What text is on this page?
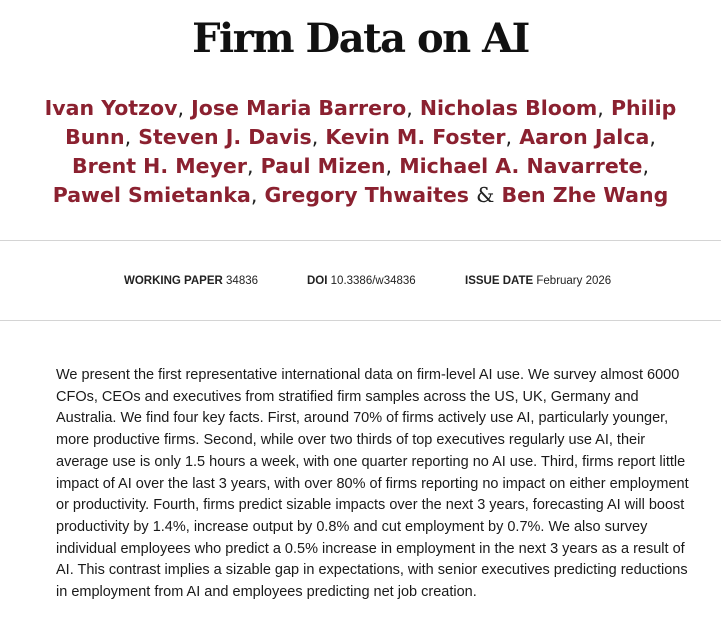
Firm Data on AI

Ivan Yotzov, Jose Maria Barrero, Nicholas Bloom, Philip Bunn, Steven J. Davis, Kevin M. Foster, Aaron Jalca, Brent H. Meyer, Paul Mizen, Michael A. Navarrete, Pawel Smietanka, Gregory Thwaites & Ben Zhe Wang

WORKING PAPER 34836	DOI 10.3386/w34836	ISSUE DATE February 2026

We present the first representative international data on firm-level AI use. We survey almost 6000 CFOs, CEOs and executives from stratified firm samples across the US, UK, Germany and Australia. We find four key facts. First, around 70% of firms actively use AI, particularly younger, more productive firms. Second, while over two thirds of top executives regularly use AI, their average use is only 1.5 hours a week, with one quarter reporting no AI use. Third, firms report little impact of AI over the last 3 years, with over 80% of firms reporting no impact on either employment or productivity. Fourth, firms predict sizable impacts over the next 3 years, forecasting AI will boost productivity by 1.4%, increase output by 0.8% and cut employment by 0.7%. We also survey individual employees who predict a 0.5% increase in employment in the next 3 years as a result of AI. This contrast implies a sizable gap in expectations, with senior executives predicting reductions in employment from AI and employees predicting net job creation.
